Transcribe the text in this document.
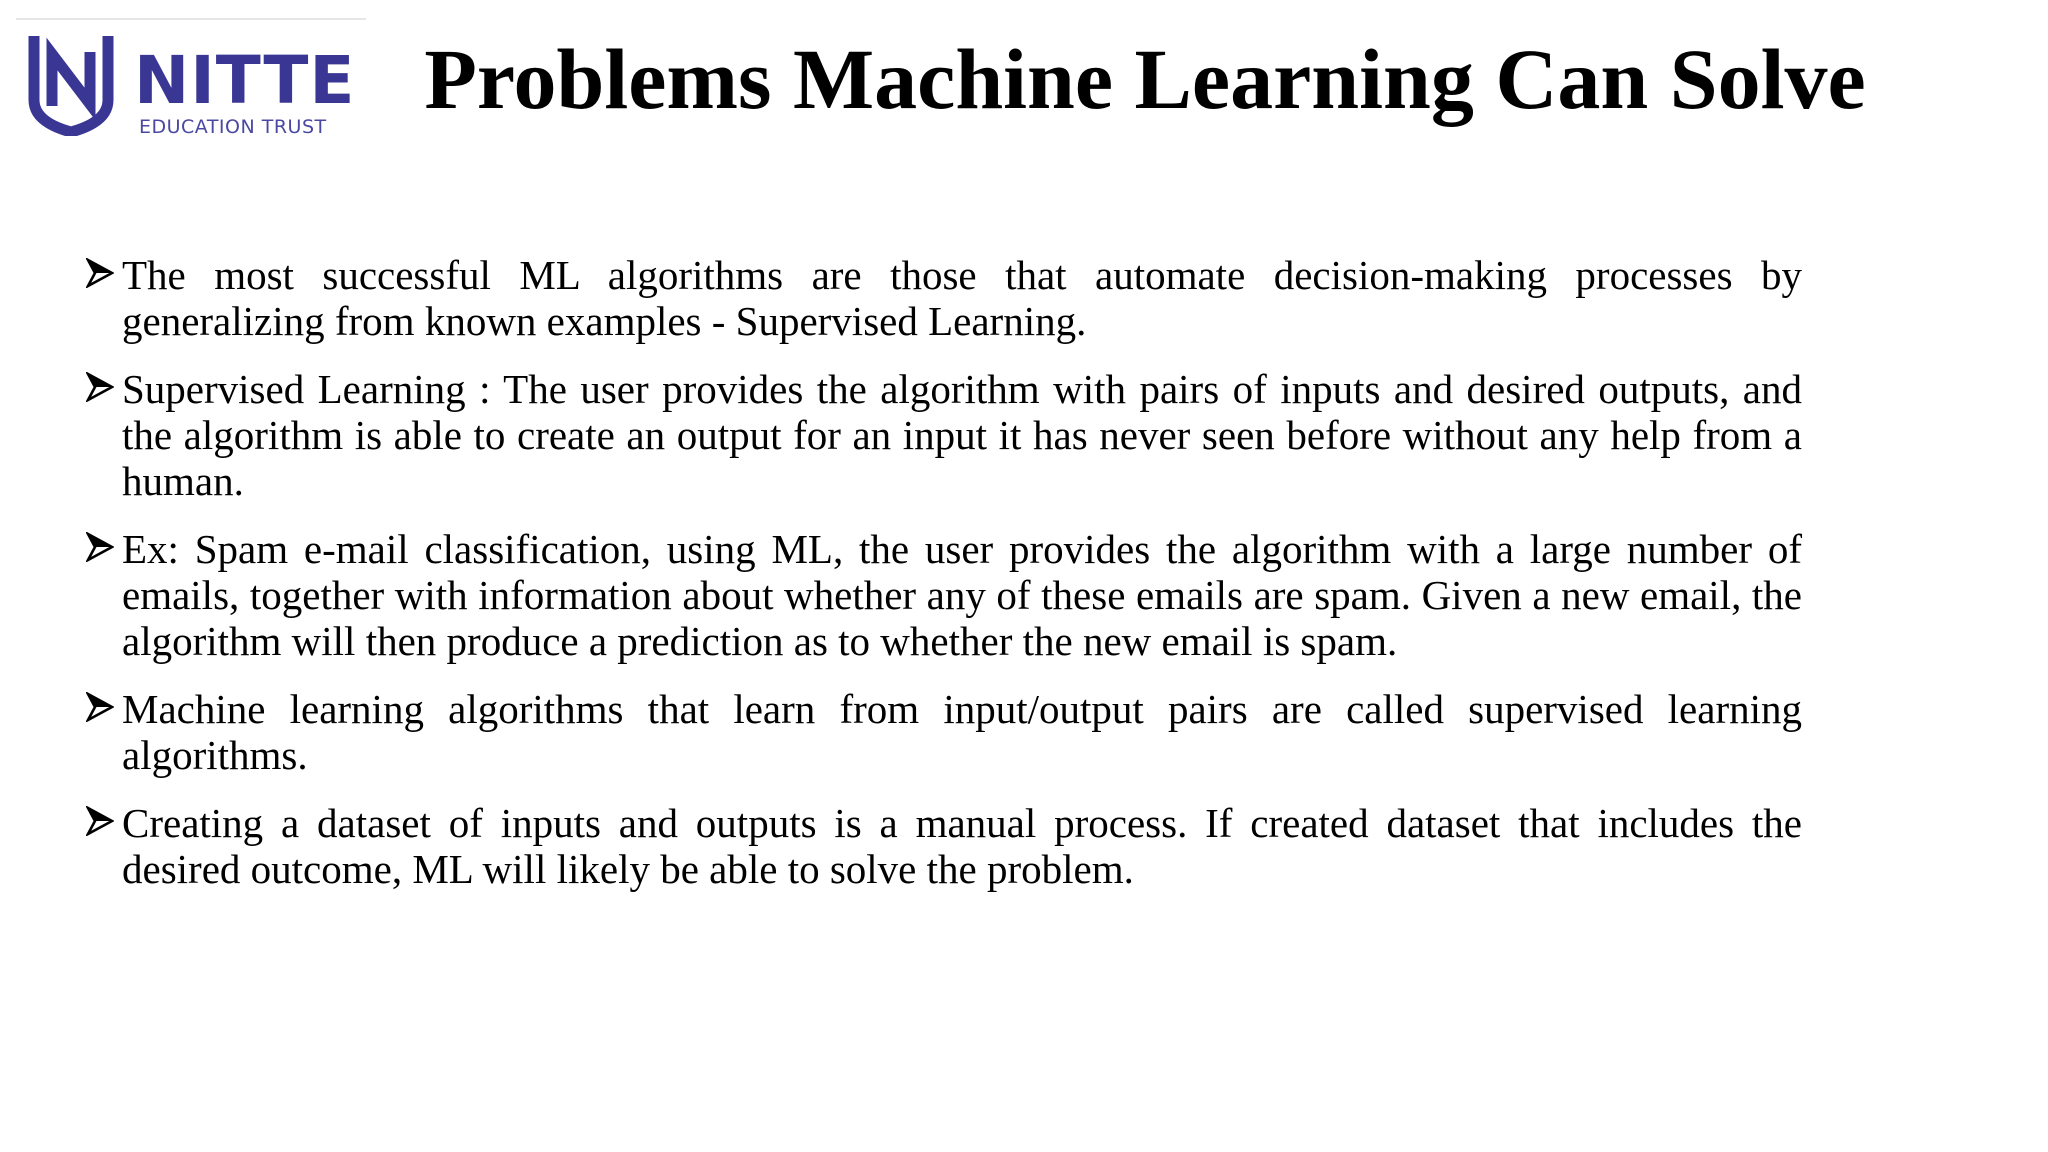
NITTE
EDUCATION TRUST	Problems Machine Learning Can Solve
The most successful ML algorithms are those that automate decision-making processes by generalizing from known examples - Supervised Learning.
Supervised Learning : The user provides the algorithm with pairs of inputs and desired outputs, and the algorithm is able to create an output for an input it has never seen before without any help from a human.
Ex: Spam e-mail classification, using ML, the user provides the algorithm with a large number of emails, together with information about whether any of these emails are spam. Given a new email, the algorithm will then produce a prediction as to whether the new email is spam.
Machine learning algorithms that learn from input/output pairs are called supervised learning algorithms.
Creating a dataset of inputs and outputs is a manual process. If created dataset that includes the desired outcome, ML will likely be able to solve the problem.
